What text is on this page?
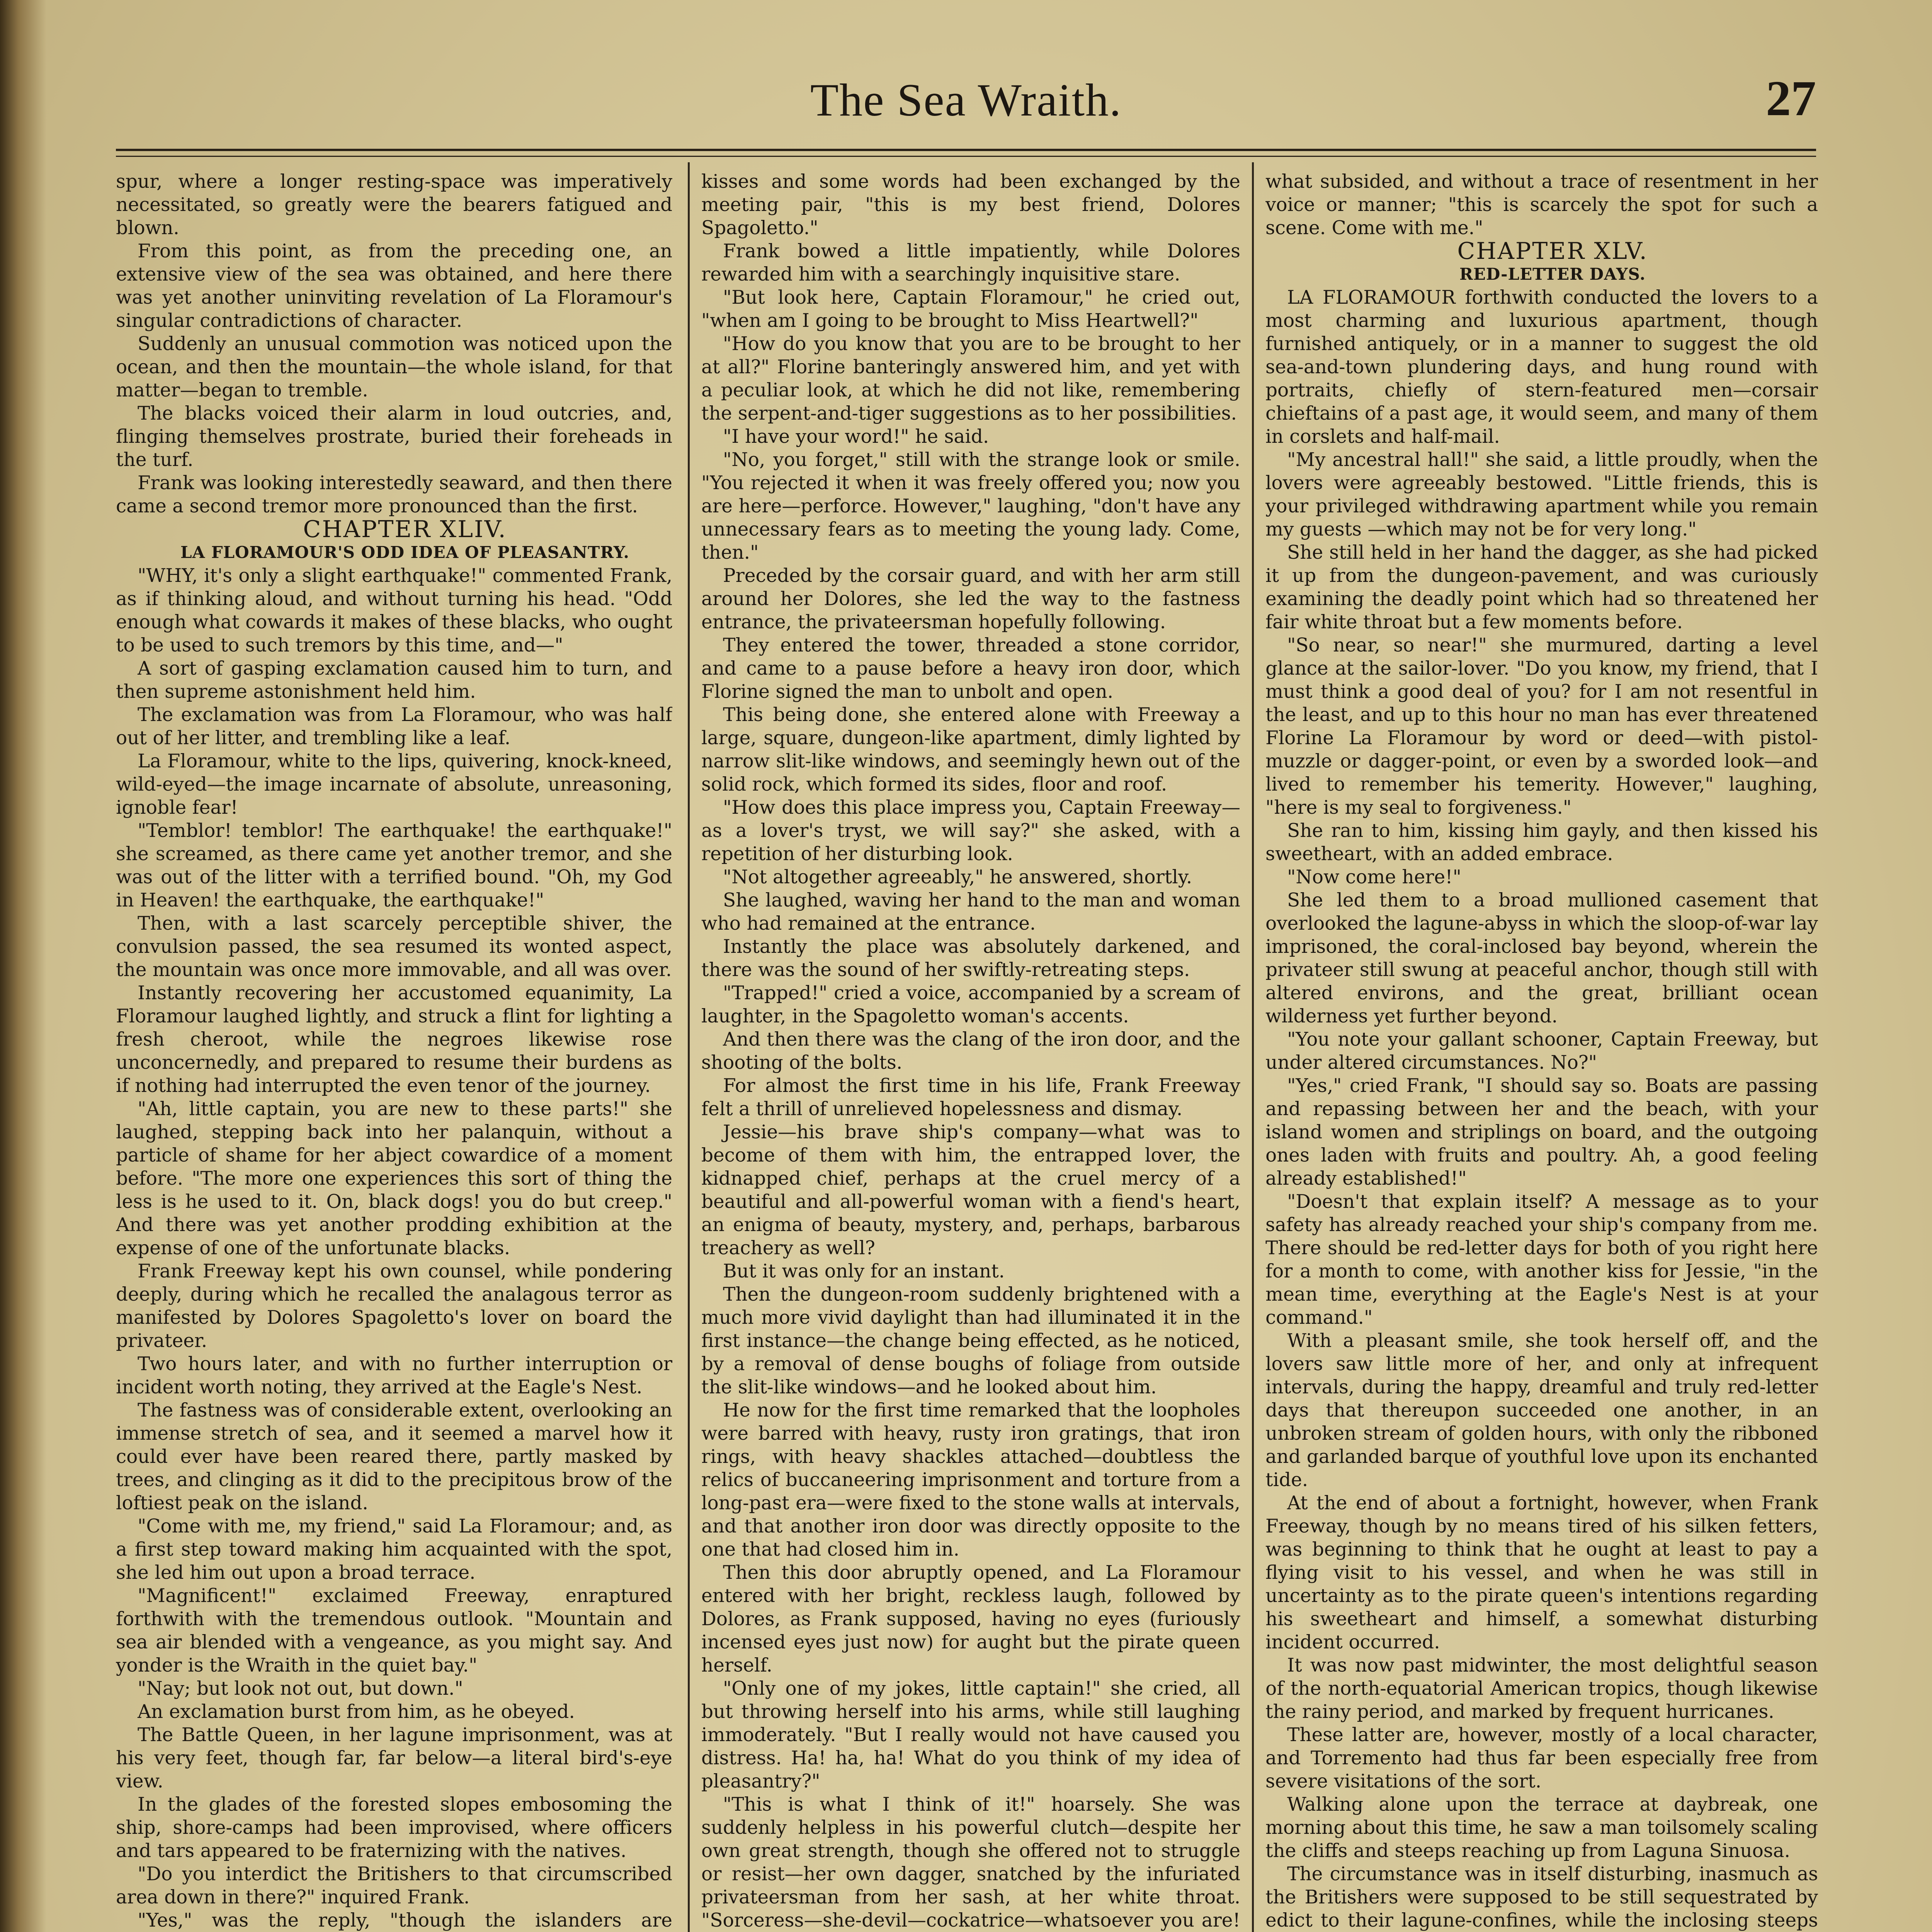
The Sea Wraith.	27

spur, where a longer resting-space was imperatively necessitated, so greatly were the bearers fatigued and blown.

From this point, as from the preceding one, an extensive view of the sea was obtained, and here there was yet another uninviting revelation of La Floramour's singular contradictions of character.

Suddenly an unusual commotion was noticed upon the ocean, and then the mountain—the whole island, for that matter—began to tremble.

The blacks voiced their alarm in loud outcries, and, flinging themselves prostrate, buried their foreheads in the turf.

Frank was looking interestedly seaward, and then there came a second tremor more pronounced than the first.

CHAPTER XLIV.

LA FLORAMOUR'S ODD IDEA OF PLEASANTRY.

"WHY, it's only a slight earthquake!" commented Frank, as if thinking aloud, and without turning his head. "Odd enough what cowards it makes of these blacks, who ought to be used to such tremors by this time, and—"

A sort of gasping exclamation caused him to turn, and then supreme astonishment held him.

The exclamation was from La Floramour, who was half out of her litter, and trembling like a leaf.

La Floramour, white to the lips, quivering, knock-kneed, wild-eyed—the image incarnate of absolute, unreasoning, ignoble fear!

"Temblor! temblor! The earthquake! the earthquake!" she screamed, as there came yet another tremor, and she was out of the litter with a terrified bound. "Oh, my God in Heaven! the earthquake, the earthquake!"

Then, with a last scarcely perceptible shiver, the convulsion passed, the sea resumed its wonted aspect, the mountain was once more immovable, and all was over.

Instantly recovering her accustomed equanimity, La Floramour laughed lightly, and struck a flint for lighting a fresh cheroot, while the negroes likewise rose unconcernedly, and prepared to resume their burdens as if nothing had interrupted the even tenor of the journey.

"Ah, little captain, you are new to these parts!" she laughed, stepping back into her palanquin, without a particle of shame for her abject cowardice of a moment before. "The more one experiences this sort of thing the less is he used to it. On, black dogs! you do but creep." And there was yet another prodding exhibition at the expense of one of the unfortunate blacks.

Frank Freeway kept his own counsel, while pondering deeply, during which he recalled the analagous terror as manifested by Dolores Spagoletto's lover on board the privateer.

Two hours later, and with no further interruption or incident worth noting, they arrived at the Eagle's Nest.

The fastness was of considerable extent, overlooking an immense stretch of sea, and it seemed a marvel how it could ever have been reared there, partly masked by trees, and clinging as it did to the precipitous brow of the loftiest peak on the island.

"Come with me, my friend," said La Floramour; and, as a first step toward making him acquainted with the spot, she led him out upon a broad terrace.

"Magnificent!" exclaimed Freeway, enraptured forthwith with the tremendous outlook. "Mountain and sea air blended with a vengeance, as you might say. And yonder is the Wraith in the quiet bay."

"Nay; but look not out, but down."

An exclamation burst from him, as he obeyed.

The Battle Queen, in her lagune imprisonment, was at his very feet, though far, far below—a literal bird's-eye view.

In the glades of the forested slopes embosoming the ship, shore-camps had been improvised, where officers and tars appeared to be fraternizing with the natives.

"Do you interdict the Britishers to that circumscribed area down in there?" inquired Frank.

"Yes," was the reply, "though the islanders are

kisses and some words had been exchanged by the meeting pair, "this is my best friend, Dolores Spagoletto."

Frank bowed a little impatiently, while Dolores rewarded him with a searchingly inquisitive stare.

"But look here, Captain Floramour," he cried out, "when am I going to be brought to Miss Heartwell?"

"How do you know that you are to be brought to her at all?" Florine banteringly answered him, and yet with a peculiar look, at which he did not like, remembering the serpent-and-tiger suggestions as to her possibilities.

"I have your word!" he said.

"No, you forget," still with the strange look or smile. "You rejected it when it was freely offered you; now you are here—perforce. However," laughing, "don't have any unnecessary fears as to meeting the young lady. Come, then."

Preceded by the corsair guard, and with her arm still around her Dolores, she led the way to the fastness entrance, the privateersman hopefully following.

They entered the tower, threaded a stone corridor, and came to a pause before a heavy iron door, which Florine signed the man to unbolt and open.

This being done, she entered alone with Freeway a large, square, dungeon-like apartment, dimly lighted by narrow slit-like windows, and seemingly hewn out of the solid rock, which formed its sides, floor and roof.

"How does this place impress you, Captain Freeway—as a lover's tryst, we will say?" she asked, with a repetition of her disturbing look.

"Not altogether agreeably," he answered, shortly.

She laughed, waving her hand to the man and woman who had remained at the entrance.

Instantly the place was absolutely darkened, and there was the sound of her swiftly-retreating steps.

"Trapped!" cried a voice, accompanied by a scream of laughter, in the Spagoletto woman's accents.

And then there was the clang of the iron door, and the shooting of the bolts.

For almost the first time in his life, Frank Freeway felt a thrill of unrelieved hopelessness and dismay.

Jessie—his brave ship's company—what was to become of them with him, the entrapped lover, the kidnapped chief, perhaps at the cruel mercy of a beautiful and all-powerful woman with a fiend's heart, an enigma of beauty, mystery, and, perhaps, barbarous treachery as well?

But it was only for an instant.

Then the dungeon-room suddenly brightened with a much more vivid daylight than had illuminated it in the first instance—the change being effected, as he noticed, by a removal of dense boughs of foliage from outside the slit-like windows—and he looked about him.

He now for the first time remarked that the loopholes were barred with heavy, rusty iron gratings, that iron rings, with heavy shackles attached—doubtless the relics of buccaneering imprisonment and torture from a long-past era—were fixed to the stone walls at intervals, and that another iron door was directly opposite to the one that had closed him in.

Then this door abruptly opened, and La Floramour entered with her bright, reckless laugh, followed by Dolores, as Frank supposed, having no eyes (furiously incensed eyes just now) for aught but the pirate queen herself.

"Only one of my jokes, little captain!" she cried, all but throwing herself into his arms, while still laughing immoderately. "But I really would not have caused you distress. Ha! ha, ha! What do you think of my idea of pleasantry?"

"This is what I think of it!" hoarsely. She was suddenly helpless in his powerful clutch—despite her own great strength, though she offered not to struggle or resist—her own dagger, snatched by the infuriated privateersman from her sash, at her white throat. "Sorceress—she-devil—cockatrice—whatsoever you are!

what subsided, and without a trace of resentment in her voice or manner; "this is scarcely the spot for such a scene. Come with me."

CHAPTER XLV.

RED-LETTER DAYS.

LA FLORAMOUR forthwith conducted the lovers to a most charming and luxurious apartment, though furnished antiquely, or in a manner to suggest the old sea-and-town plundering days, and hung round with portraits, chiefly of stern-featured men—corsair chieftains of a past age, it would seem, and many of them in corslets and half-mail.

"My ancestral hall!" she said, a little proudly, when the lovers were agreeably bestowed. "Little friends, this is your privileged withdrawing apartment while you remain my guests —which may not be for very long."

She still held in her hand the dagger, as she had picked it up from the dungeon-pavement, and was curiously examining the deadly point which had so threatened her fair white throat but a few moments before.

"So near, so near!" she murmured, darting a level glance at the sailor-lover. "Do you know, my friend, that I must think a good deal of you? for I am not resentful in the least, and up to this hour no man has ever threatened Florine La Floramour by word or deed—with pistol-muzzle or dagger-point, or even by a sworded look—and lived to remember his temerity. However," laughing, "here is my seal to forgiveness."

She ran to him, kissing him gayly, and then kissed his sweetheart, with an added embrace.

"Now come here!"

She led them to a broad mullioned casement that overlooked the lagune-abyss in which the sloop-of-war lay imprisoned, the coral-inclosed bay beyond, wherein the privateer still swung at peaceful anchor, though still with altered environs, and the great, brilliant ocean wilderness yet further beyond.

"You note your gallant schooner, Captain Freeway, but under altered circumstances. No?"

"Yes," cried Frank, "I should say so. Boats are passing and repassing between her and the beach, with your island women and striplings on board, and the outgoing ones laden with fruits and poultry. Ah, a good feeling already established!"

"Doesn't that explain itself? A message as to your safety has already reached your ship's company from me. There should be red-letter days for both of you right here for a month to come, with another kiss for Jessie, "in the mean time, everything at the Eagle's Nest is at your command."

With a pleasant smile, she took herself off, and the lovers saw little more of her, and only at infrequent intervals, during the happy, dreamful and truly red-letter days that thereupon succeeded one another, in an unbroken stream of golden hours, with only the ribboned and garlanded barque of youthful love upon its enchanted tide.

At the end of about a fortnight, however, when Frank Freeway, though by no means tired of his silken fetters, was beginning to think that he ought at least to pay a flying visit to his vessel, and when he was still in uncertainty as to the pirate queen's intentions regarding his sweetheart and himself, a somewhat disturbing incident occurred.

It was now past midwinter, the most delightful season of the north-equatorial American tropics, though likewise the rainy period, and marked by frequent hurricanes.

These latter are, however, mostly of a local character, and Torremento had thus far been especially free from severe visitations of the sort.

Walking alone upon the terrace at daybreak, one morning about this time, he saw a man toilsomely scaling the cliffs and steeps reaching up from Laguna Sinuosa.

The circumstance was in itself disturbing, inasmuch as the Britishers were supposed to be still sequestrated by edict to their lagune-confines, while the inclosing steeps
